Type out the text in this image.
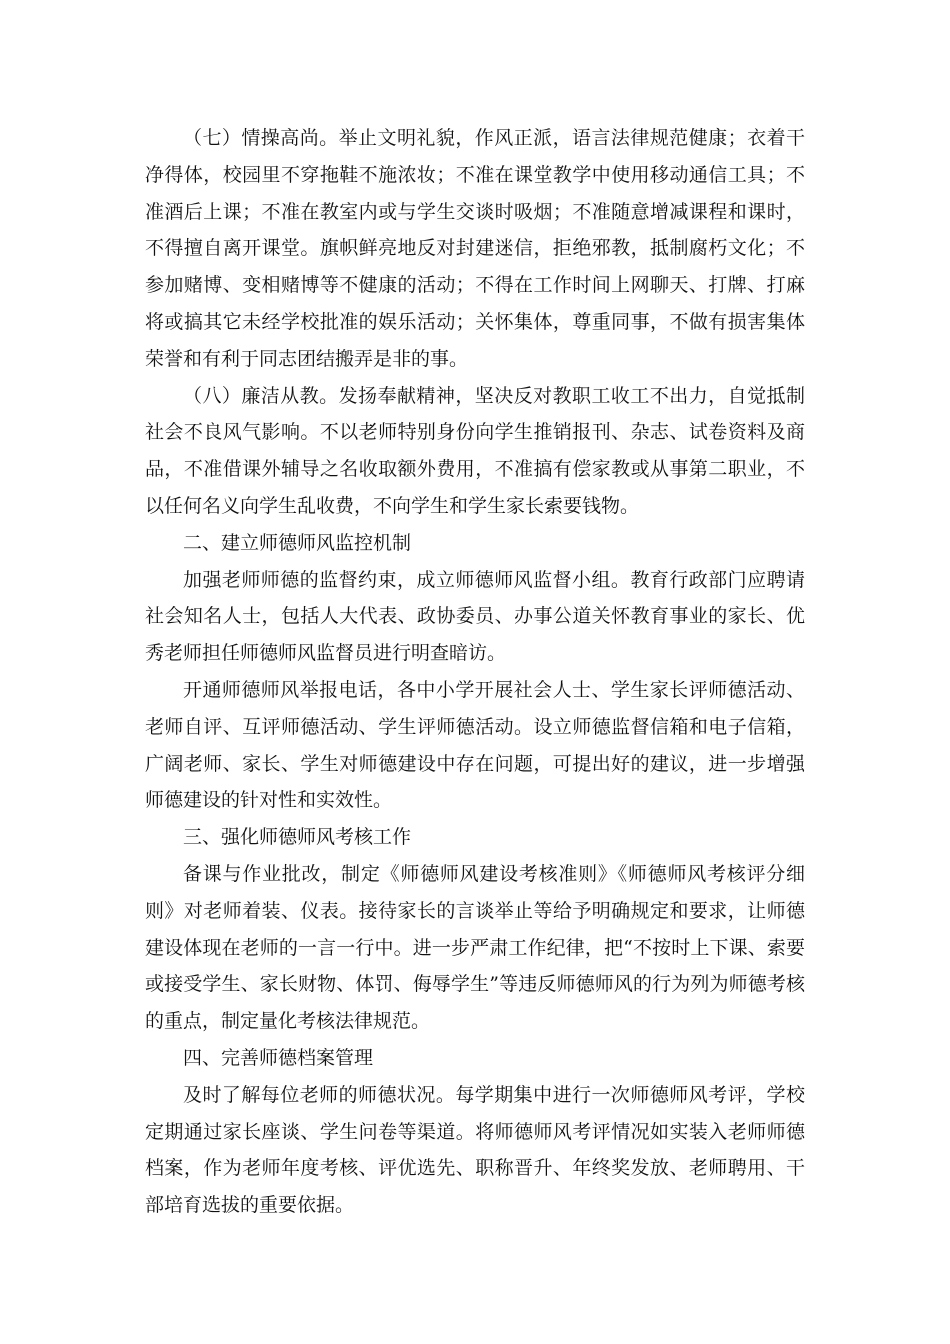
（七）情操高尚。举止文明礼貌，作风正派，语言法律规范健康；衣着干净得体，校园里不穿拖鞋不施浓妆；不准在课堂教学中使用移动通信工具；不准酒后上课；不准在教室内或与学生交谈时吸烟；不准随意增减课程和课时，不得擅自离开课堂。旗帜鲜亮地反对封建迷信，拒绝邪教，抵制腐朽文化；不参加赌博、变相赌博等不健康的活动；不得在工作时间上网聊天、打牌、打麻将或搞其它未经学校批准的娱乐活动；关怀集体，尊重同事，不做有损害集体荣誉和有利于同志团结搬弄是非的事。

（八）廉洁从教。发扬奉献精神，坚决反对教职工收工不出力，自觉抵制社会不良风气影响。不以老师特别身份向学生推销报刊、杂志、试卷资料及商品，不准借课外辅导之名收取额外费用，不准搞有偿家教或从事第二职业，不以任何名义向学生乱收费，不向学生和学生家长索要钱物。

二、建立师德师风监控机制

加强老师师德的监督约束，成立师德师风监督小组。教育行政部门应聘请社会知名人士，包括人大代表、政协委员、办事公道关怀教育事业的家长、优秀老师担任师德师风监督员进行明查暗访。

开通师德师风举报电话，各中小学开展社会人士、学生家长评师德活动、老师自评、互评师德活动、学生评师德活动。设立师德监督信箱和电子信箱，广阔老师、家长、学生对师德建设中存在问题，可提出好的建议，进一步增强师德建设的针对性和实效性。

三、强化师德师风考核工作

备课与作业批改，制定《师德师风建设考核准则》《师德师风考核评分细则》对老师着装、仪表。接待家长的言谈举止等给予明确规定和要求，让师德建设体现在老师的一言一行中。进一步严肃工作纪律，把“不按时上下课、索要或接受学生、家长财物、体罚、侮辱学生”等违反师德师风的行为列为师德考核的重点，制定量化考核法律规范。

四、完善师德档案管理

及时了解每位老师的师德状况。每学期集中进行一次师德师风考评，学校定期通过家长座谈、学生问卷等渠道。将师德师风考评情况如实装入老师师德档案，作为老师年度考核、评优选先、职称晋升、年终奖发放、老师聘用、干部培育选拔的重要依据。
